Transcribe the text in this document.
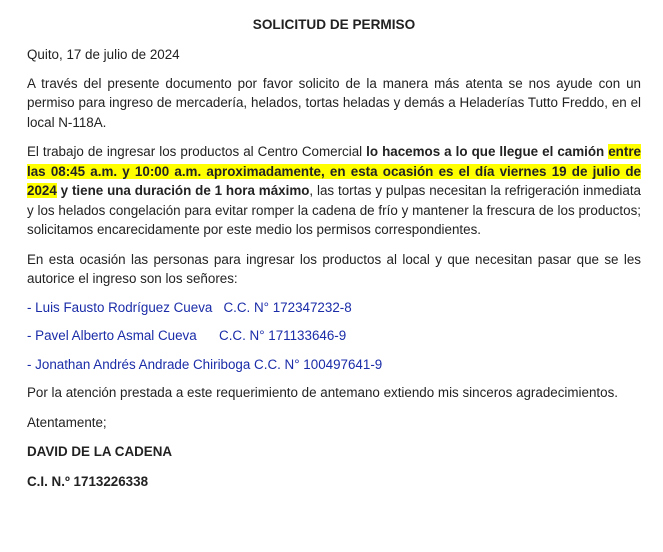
SOLICITUD DE PERMISO

Quito, 17 de julio de 2024

A través del presente documento por favor solicito de la manera más atenta se nos ayude con un permiso para ingreso de mercadería, helados, tortas heladas y demás a Heladerías Tutto Freddo, en el local N-118A.

El trabajo de ingresar los productos al Centro Comercial lo hacemos a lo que llegue el camión entre las 08:45 a.m. y 10:00 a.m. aproximadamente, en esta ocasión es el día viernes 19 de julio de 2024 y tiene una duración de 1 hora máximo, las tortas y pulpas necesitan la refrigeración inmediata y los helados congelación para evitar romper la cadena de frío y mantener la frescura de los productos; solicitamos encarecidamente por este medio los permisos correspondientes.

En esta ocasión las personas para ingresar los productos al local y que necesitan pasar que se les autorice el ingreso son los señores:

- Luis Fausto Rodríguez Cueva   C.C. N° 172347232-8

- Pavel Alberto Asmal Cueva      C.C. N° 171133646-9

- Jonathan Andrés Andrade Chiriboga C.C. N° 100497641-9

Por la atención prestada a este requerimiento de antemano extiendo mis sinceros agradecimientos.

Atentamente;

DAVID DE LA CADENA

C.I. N.º 1713226338
